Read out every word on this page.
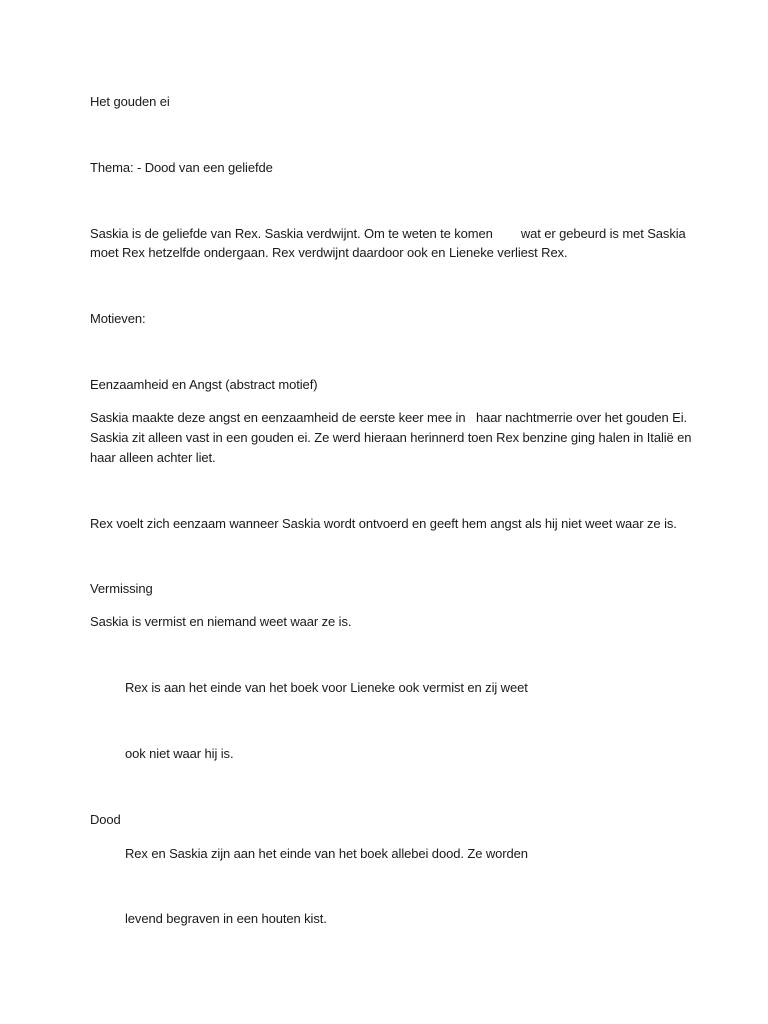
Het gouden ei
Thema: - Dood van een geliefde
Saskia is de geliefde van Rex. Saskia verdwijnt. Om te weten te komen wat er gebeurd is met Saskia
moet Rex hetzelfde ondergaan. Rex verdwijnt daardoor ook en Lieneke verliest Rex.
Motieven:
Eenzaamheid en Angst (abstract motief)
Saskia maakte deze angst en eenzaamheid de eerste keer mee in   haar nachtmerrie over het gouden Ei.
Saskia zit alleen vast in een gouden ei. Ze werd hieraan herinnerd toen Rex benzine ging halen in Italië en
haar alleen achter liet.
Rex voelt zich eenzaam wanneer Saskia wordt ontvoerd en geeft hem angst als hij niet weet waar ze is.
Vermissing
Saskia is vermist en niemand weet waar ze is.
Rex is aan het einde van het boek voor Lieneke ook vermist en zij weet
ook niet waar hij is.
Dood
Rex en Saskia zijn aan het einde van het boek allebei dood. Ze worden
levend begraven in een houten kist.
